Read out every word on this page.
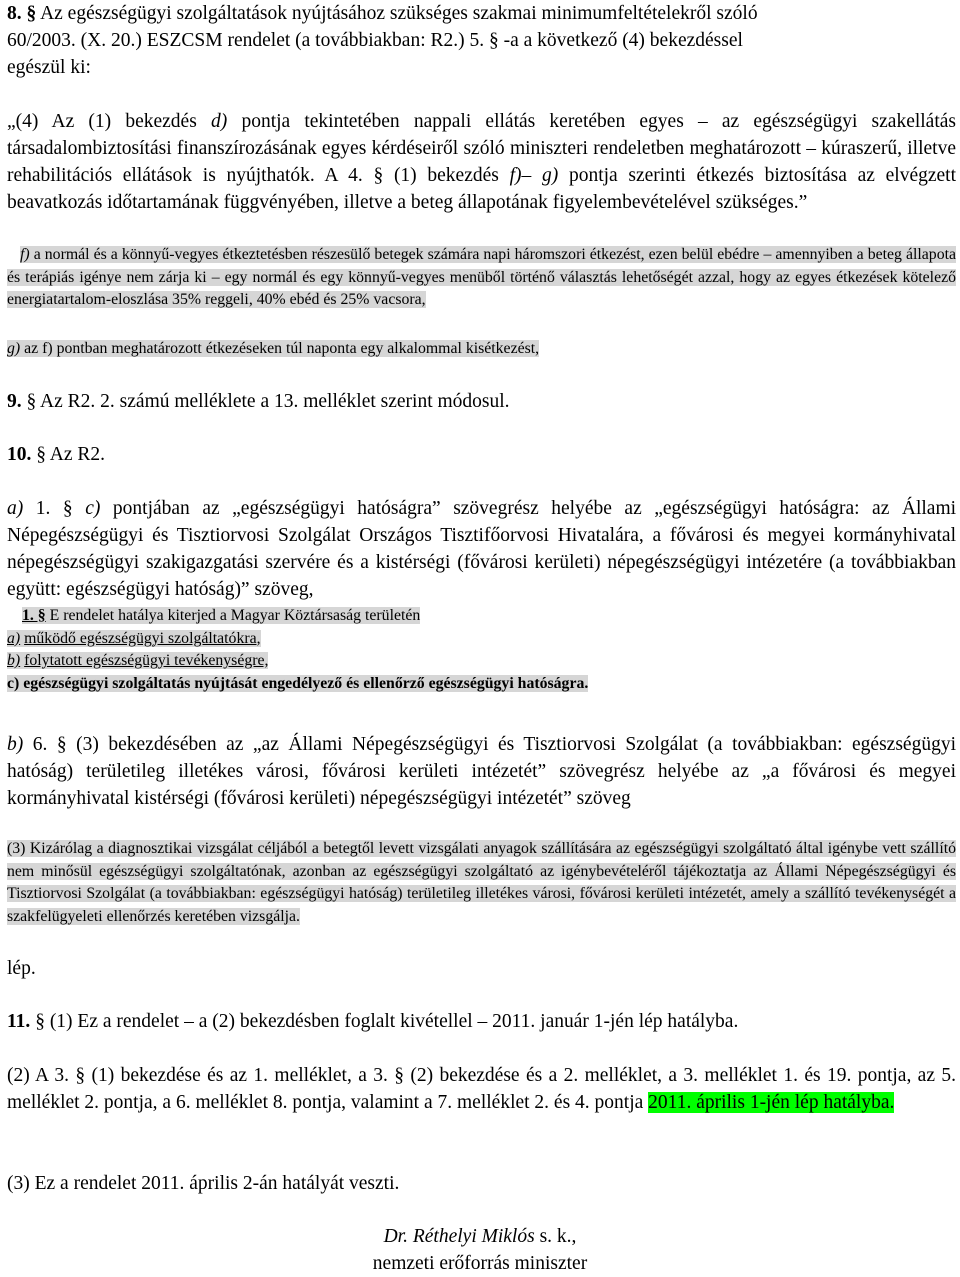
8. § Az egészségügyi szolgáltatások nyújtásához szükséges szakmai minimumfeltételekről szóló
60/2003. (X. 20.) ESZCSM rendelet (a továbbiakban: R2.) 5. § -a a következő (4) bekezdéssel
egészül ki:
„(4) Az (1) bekezdés d) pontja tekintetében nappali ellátás keretében egyes – az egészségügyi szakellátás társadalombiztosítási finanszírozásának egyes kérdéseiről szóló miniszteri rendeletben meghatározott – kúraszerű, illetve rehabilitációs ellátások is nyújthatók. A 4. § (1) bekezdés f)– g) pontja szerinti étkezés biztosítása az elvégzett beavatkozás időtartamának függvényében, illetve a beteg állapotának figyelembevételével szükséges.”
f) a normál és a könnyű-vegyes étkeztetésben részesülő betegek számára napi háromszori étkezést, ezen belül ebédre – amennyiben a beteg állapota és terápiás igénye nem zárja ki – egy normál és egy könnyű-vegyes menüből történő választás lehetőségét azzal, hogy az egyes étkezések kötelező energiatartalom-eloszlása 35% reggeli, 40% ebéd és 25% vacsora,
g) az f) pontban meghatározott étkezéseken túl naponta egy alkalommal kisétkezést,
9. § Az R2. 2. számú melléklete a 13. melléklet szerint módosul.
10. § Az R2.
a) 1. § c) pontjában az „egészségügyi hatóságra” szövegrész helyébe az „egészségügyi hatóságra: az Állami Népegészségügyi és Tisztiorvosi Szolgálat Országos Tisztifőorvosi Hivatalára, a fővárosi és megyei kormányhivatal népegészségügyi szakigazgatási szervére és a kistérségi (fővárosi kerületi) népegészségügyi intézetére (a továbbiakban együtt: egészségügyi hatóság)” szöveg,
1. § E rendelet hatálya kiterjed a Magyar Köztársaság területén
a) működő egészségügyi szolgáltatókra,
b) folytatott egészségügyi tevékenységre,
c) egészségügyi szolgáltatás nyújtását engedélyező és ellenőrző egészségügyi hatóságra.
b) 6. § (3) bekezdésében az „az Állami Népegészségügyi és Tisztiorvosi Szolgálat (a továbbiakban: egészségügyi hatóság) területileg illetékes városi, fővárosi kerületi intézetét” szövegrész helyébe az „a fővárosi és megyei kormányhivatal kistérségi (fővárosi kerületi) népegészségügyi intézetét” szöveg
(3) Kizárólag a diagnosztikai vizsgálat céljából a betegtől levett vizsgálati anyagok szállítására az egészségügyi szolgáltató által igénybe vett szállító nem minősül egészségügyi szolgáltatónak, azonban az egészségügyi szolgáltató az igénybevételéről tájékoztatja az Állami Népegészségügyi és Tisztiorvosi Szolgálat (a továbbiakban: egészségügyi hatóság) területileg illetékes városi, fővárosi kerületi intézetét, amely a szállító tevékenységét a szakfelügyeleti ellenőrzés keretében vizsgálja.
lép.
11. § (1) Ez a rendelet – a (2) bekezdésben foglalt kivétellel – 2011. január 1-jén lép hatályba.
(2) A 3. § (1) bekezdése és az 1. melléklet, a 3. § (2) bekezdése és a 2. melléklet, a 3. melléklet 1. és 19. pontja, az 5. melléklet 2. pontja, a 6. melléklet 8. pontja, valamint a 7. melléklet 2. és 4. pontja 2011. április 1-jén lép hatályba.
(3) Ez a rendelet 2011. április 2-án hatályát veszti.
Dr. Réthelyi Miklós s. k.,
nemzeti erőforrás miniszter
